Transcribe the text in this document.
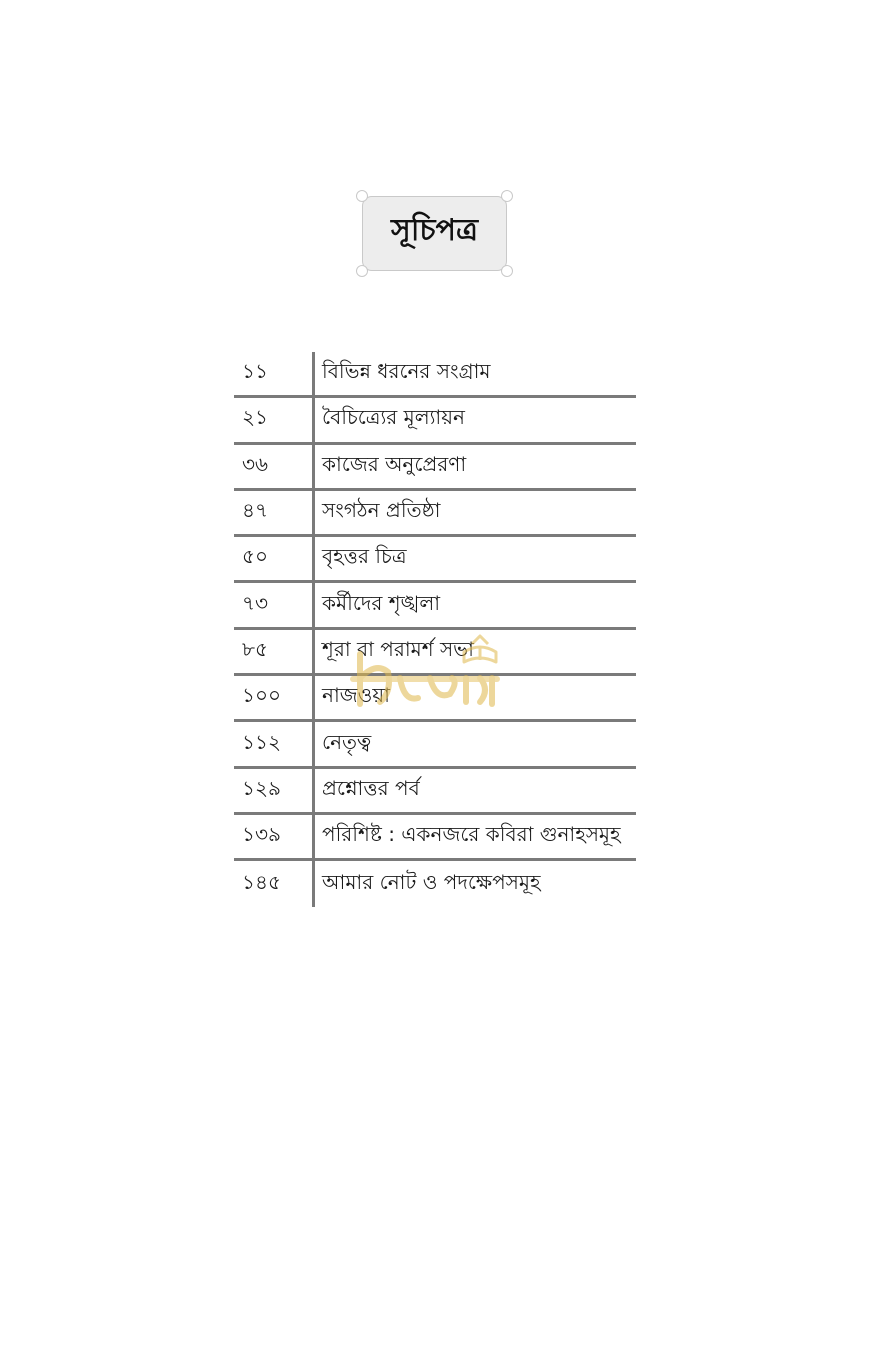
সূচিপত্র
১১	বিভিন্ন ধরনের সংগ্রাম
২১	বৈচিত্র্যের মূল্যায়ন
৩৬	কাজের অনুপ্রেরণা
৪৭	সংগঠন প্রতিষ্ঠা
৫০	বৃহত্তর চিত্র
৭৩	কর্মীদের শৃঙ্খলা
৮৫	শূরা বা পরামর্শ সভা
১০০ নাজওয়া
১১২ নেতৃত্ব
১২৯ প্রশ্নোত্তর পর্ব
১৩৯ পরিশিষ্ট : একনজরে কবিরা গুনাহসমূহ
১৪৫ আমার নোট ও পদক্ষেপসমূহ
